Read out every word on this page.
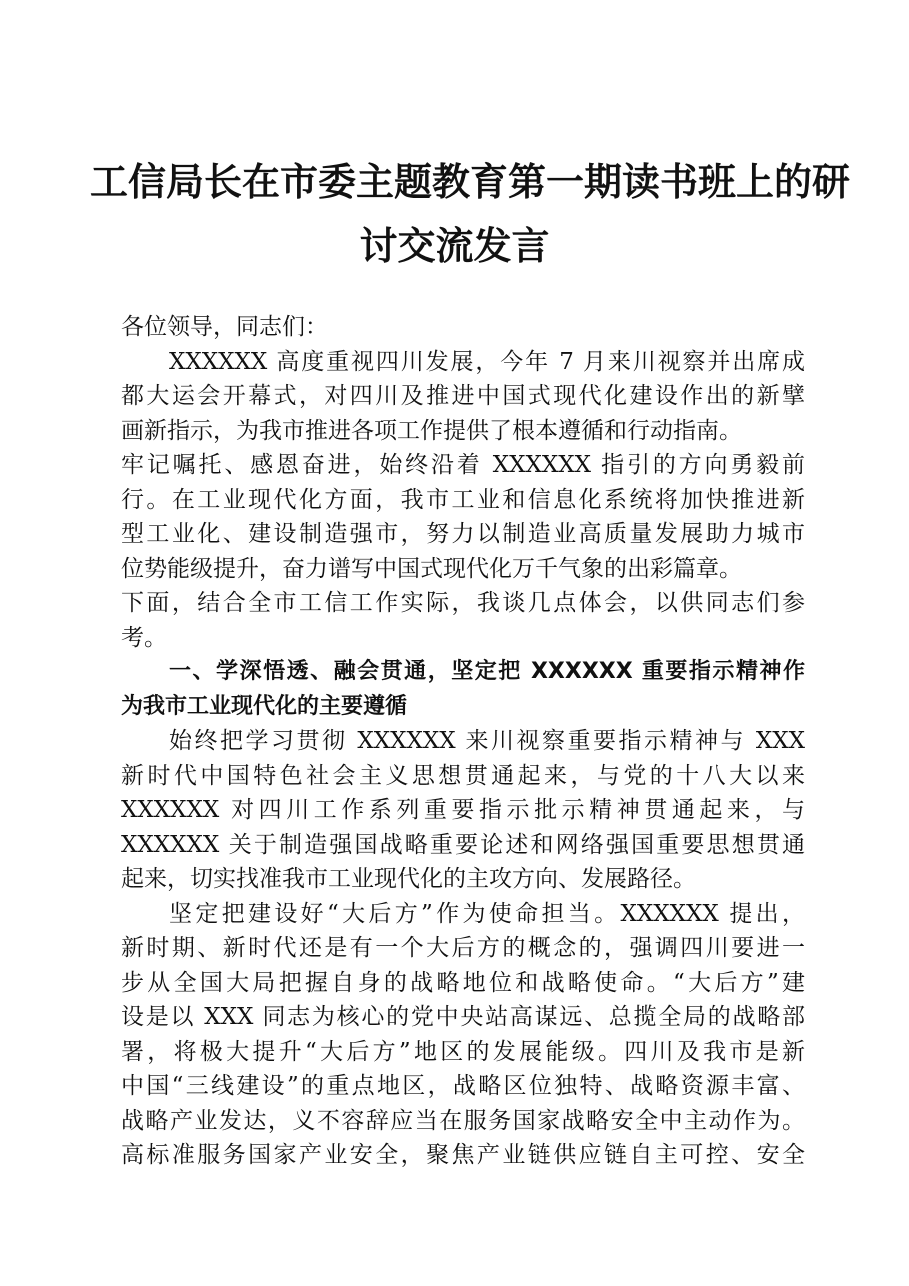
工信局长在市委主题教育第一期读书班上的研
讨交流发言
各位领导，同志们：
XXXXXX 高度重视四川发展，今年 7 月来川视察并出席成
都大运会开幕式，对四川及推进中国式现代化建设作出的新擘
画新指示，为我市推进各项工作提供了根本遵循和行动指南。
牢记嘱托、感恩奋进，始终沿着 XXXXXX 指引的方向勇毅前
行。在工业现代化方面，我市工业和信息化系统将加快推进新
型工业化、建设制造强市，努力以制造业高质量发展助力城市
位势能级提升，奋力谱写中国式现代化万千气象的出彩篇章。
下面，结合全市工信工作实际，我谈几点体会，以供同志们参
考。
一、学深悟透、融会贯通，坚定把 XXXXXX 重要指示精神作
为我市工业现代化的主要遵循
始终把学习贯彻 XXXXXX 来川视察重要指示精神与 XXX
新时代中国特色社会主义思想贯通起来，与党的十八大以来
XXXXXX 对四川工作系列重要指示批示精神贯通起来，与
XXXXXX 关于制造强国战略重要论述和网络强国重要思想贯通
起来，切实找准我市工业现代化的主攻方向、发展路径。
坚定把建设好“大后方”作为使命担当。XXXXXX 提出，
新时期、新时代还是有一个大后方的概念的，强调四川要进一
步从全国大局把握自身的战略地位和战略使命。“大后方”建
设是以 XXX 同志为核心的党中央站高谋远、总揽全局的战略部
署，将极大提升“大后方”地区的发展能级。四川及我市是新
中国“三线建设”的重点地区，战略区位独特、战略资源丰富、
战略产业发达，义不容辞应当在服务国家战略安全中主动作为。
高标准服务国家产业安全，聚焦产业链供应链自主可控、安全
